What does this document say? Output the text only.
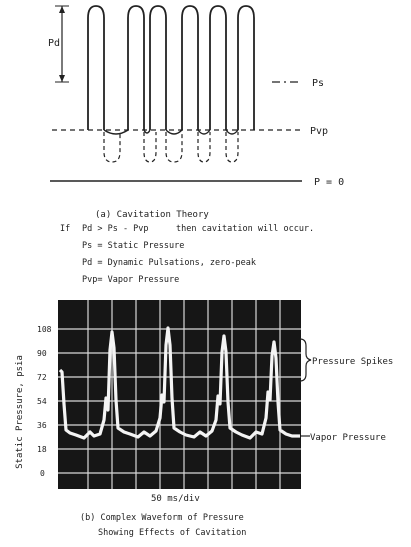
Pd
Ps
Pvp
P = 0
(a) Cavitation Theory
If Pd > Ps - Pvp	then cavitation will occur.
Ps = Static Pressure
Pd = Dynamic Pulsations, zero-peak
Pvp= Vapor Pressure
Static Pressure, psia
108
90
72
54
36
18
0
Pressure Spikes
Vapor Pressure
50 ms/div
(b) Complex Waveform of Pressure
Showing Effects of Cavitation
